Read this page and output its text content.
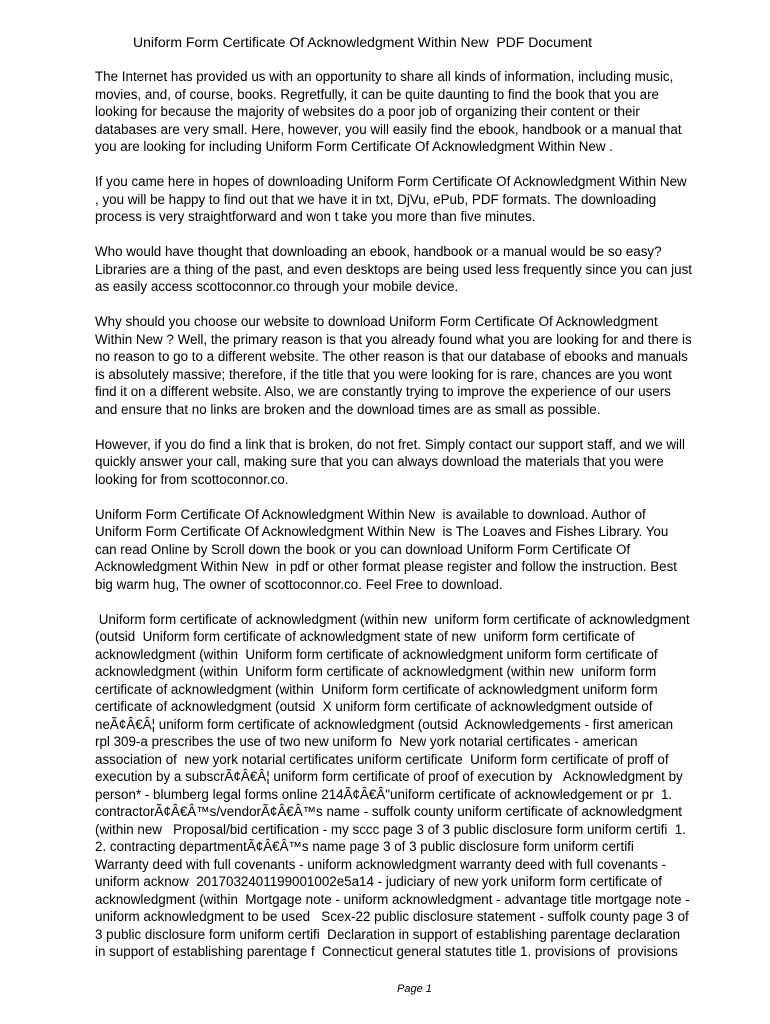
Uniform Form Certificate Of Acknowledgment Within New  PDF Document

The Internet has provided us with an opportunity to share all kinds of information, including music,
movies, and, of course, books. Regretfully, it can be quite daunting to find the book that you are
looking for because the majority of websites do a poor job of organizing their content or their
databases are very small. Here, however, you will easily find the ebook, handbook or a manual that
you are looking for including Uniform Form Certificate Of Acknowledgment Within New .

If you came here in hopes of downloading Uniform Form Certificate Of Acknowledgment Within New
, you will be happy to find out that we have it in txt, DjVu, ePub, PDF formats. The downloading
process is very straightforward and won t take you more than five minutes.

Who would have thought that downloading an ebook, handbook or a manual would be so easy?
Libraries are a thing of the past, and even desktops are being used less frequently since you can just
as easily access scottoconnor.co through your mobile device.

Why should you choose our website to download Uniform Form Certificate Of Acknowledgment
Within New ? Well, the primary reason is that you already found what you are looking for and there is
no reason to go to a different website. The other reason is that our database of ebooks and manuals
is absolutely massive; therefore, if the title that you were looking for is rare, chances are you wont
find it on a different website. Also, we are constantly trying to improve the experience of our users
and ensure that no links are broken and the download times are as small as possible.

However, if you do find a link that is broken, do not fret. Simply contact our support staff, and we will
quickly answer your call, making sure that you can always download the materials that you were
looking for from scottoconnor.co.

Uniform Form Certificate Of Acknowledgment Within New  is available to download. Author of
Uniform Form Certificate Of Acknowledgment Within New  is The Loaves and Fishes Library. You
can read Online by Scroll down the book or you can download Uniform Form Certificate Of
Acknowledgment Within New  in pdf or other format please register and follow the instruction. Best
big warm hug, The owner of scottoconnor.co. Feel Free to download.

Uniform form certificate of acknowledgment (within new  uniform form certificate of acknowledgment
(outsid  Uniform form certificate of acknowledgment state of new  uniform form certificate of
acknowledgment (within  Uniform form certificate of acknowledgment uniform form certificate of
acknowledgment (within  Uniform form certificate of acknowledgment (within new  uniform form
certificate of acknowledgment (within  Uniform form certificate of acknowledgment uniform form
certificate of acknowledgment (outsid  X uniform form certificate of acknowledgment outside of
neÃ¢Â€Â¦ uniform form certificate of acknowledgment (outsid  Acknowledgements - first american
rpl 309-a prescribes the use of two new uniform fo  New york notarial certificates - american
association of  new york notarial certificates uniform certificate  Uniform form certificate of proff of
execution by a subscrÃ¢Â€Â¦ uniform form certificate of proof of execution by   Acknowledgment by
person* - blumberg legal forms online 214Ã¢Â€Â"uniform certificate of acknowledgement or pr  1.
contractorÃ¢Â€Â™s/vendorÃ¢Â€Â™s name - suffolk county uniform certificate of acknowledgment
(within new   Proposal/bid certification - my sccc page 3 of 3 public disclosure form uniform certifi  1.
2. contracting departmentÃ¢Â€Â™s name page 3 of 3 public disclosure form uniform certifi
Warranty deed with full covenants - uniform acknowledgment warranty deed with full covenants -
uniform acknow  2017032401199001002e5a14 - judiciary of new york uniform form certificate of
acknowledgment (within  Mortgage note - uniform acknowledgment - advantage title mortgage note -
uniform acknowledgment to be used   Scex-22 public disclosure statement - suffolk county page 3 of
3 public disclosure form uniform certifi  Declaration in support of establishing parentage declaration
in support of establishing parentage f  Connecticut general statutes title 1. provisions of  provisions

Page 1
